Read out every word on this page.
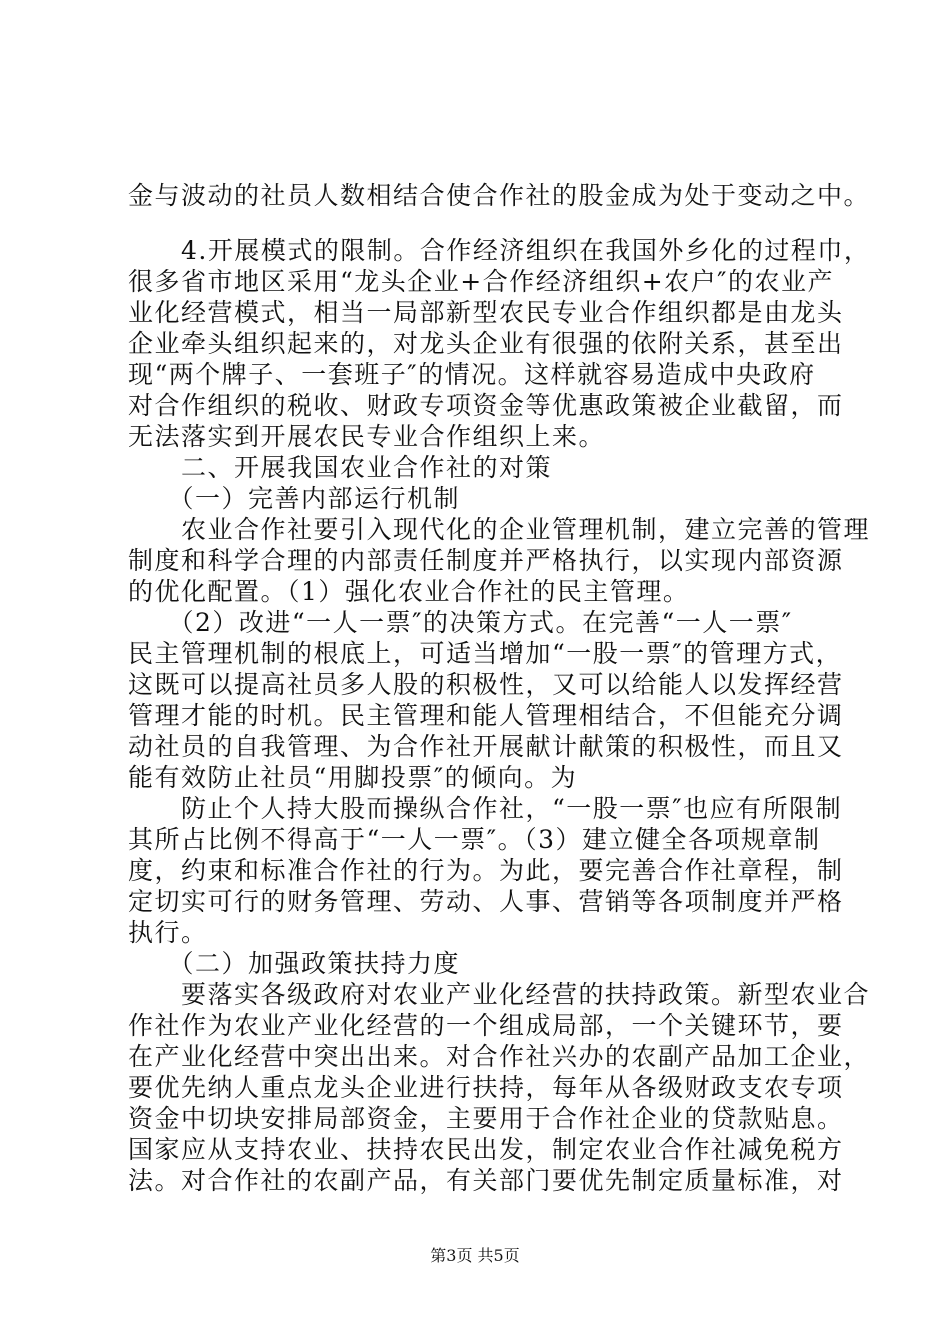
金与波动的社员人数相结合使合作社的股金成为处于变动之中。
　　4.开展模式的限制。合作经济组织在我国外乡化的过程巾，
很多省市地区采用“龙头企业+合作经济组织+农户″的农业产
业化经营模式，相当一局部新型农民专业合作组织都是由龙头
企业牵头组织起来的，对龙头企业有很强的依附关系，甚至出
现“两个牌子、一套班子″的情况。这样就容易造成中央政府
对合作组织的税收、财政专项资金等优惠政策被企业截留，而
无法落实到开展农民专业合作组织上来。
　　二、开展我国农业合作社的对策
　　（一）完善内部运行机制
　　农业合作社要引入现代化的企业管理机制，建立完善的管理
制度和科学合理的内部责任制度并严格执行，以实现内部资源
的优化配置。（1）强化农业合作社的民主管理。
　　（2）改进“一人一票″的决策方式。在完善“一人一票″
民主管理机制的根底上，可适当增加“一股一票″的管理方式，
这既可以提高社员多人股的积极性，又可以给能人以发挥经营
管理才能的时机。民主管理和能人管理相结合，不但能充分调
动社员的自我管理、为合作社开展献计献策的积极性，而且又
能有效防止社员“用脚投票″的倾向。为
　　防止个人持大股而操纵合作社，“一股一票″也应有所限制
其所占比例不得高于“一人一票″。（3）建立健全各项规章制
度，约束和标准合作社的行为。为此，要完善合作社章程，制
定切实可行的财务管理、劳动、人事、营销等各项制度并严格
执行。
　　（二）加强政策扶持力度
　　要落实各级政府对农业产业化经营的扶持政策。新型农业合
作社作为农业产业化经营的一个组成局部，一个关键环节，要
在产业化经营中突出出来。对合作社兴办的农副产品加工企业，
要优先纳人重点龙头企业进行扶持，每年从各级财政支农专项
资金中切块安排局部资金，主要用于合作社企业的贷款贴息。
国家应从支持农业、扶持农民出发，制定农业合作社减免税方
法。对合作社的农副产品，有关部门要优先制定质量标准，对
第3页 共5页
